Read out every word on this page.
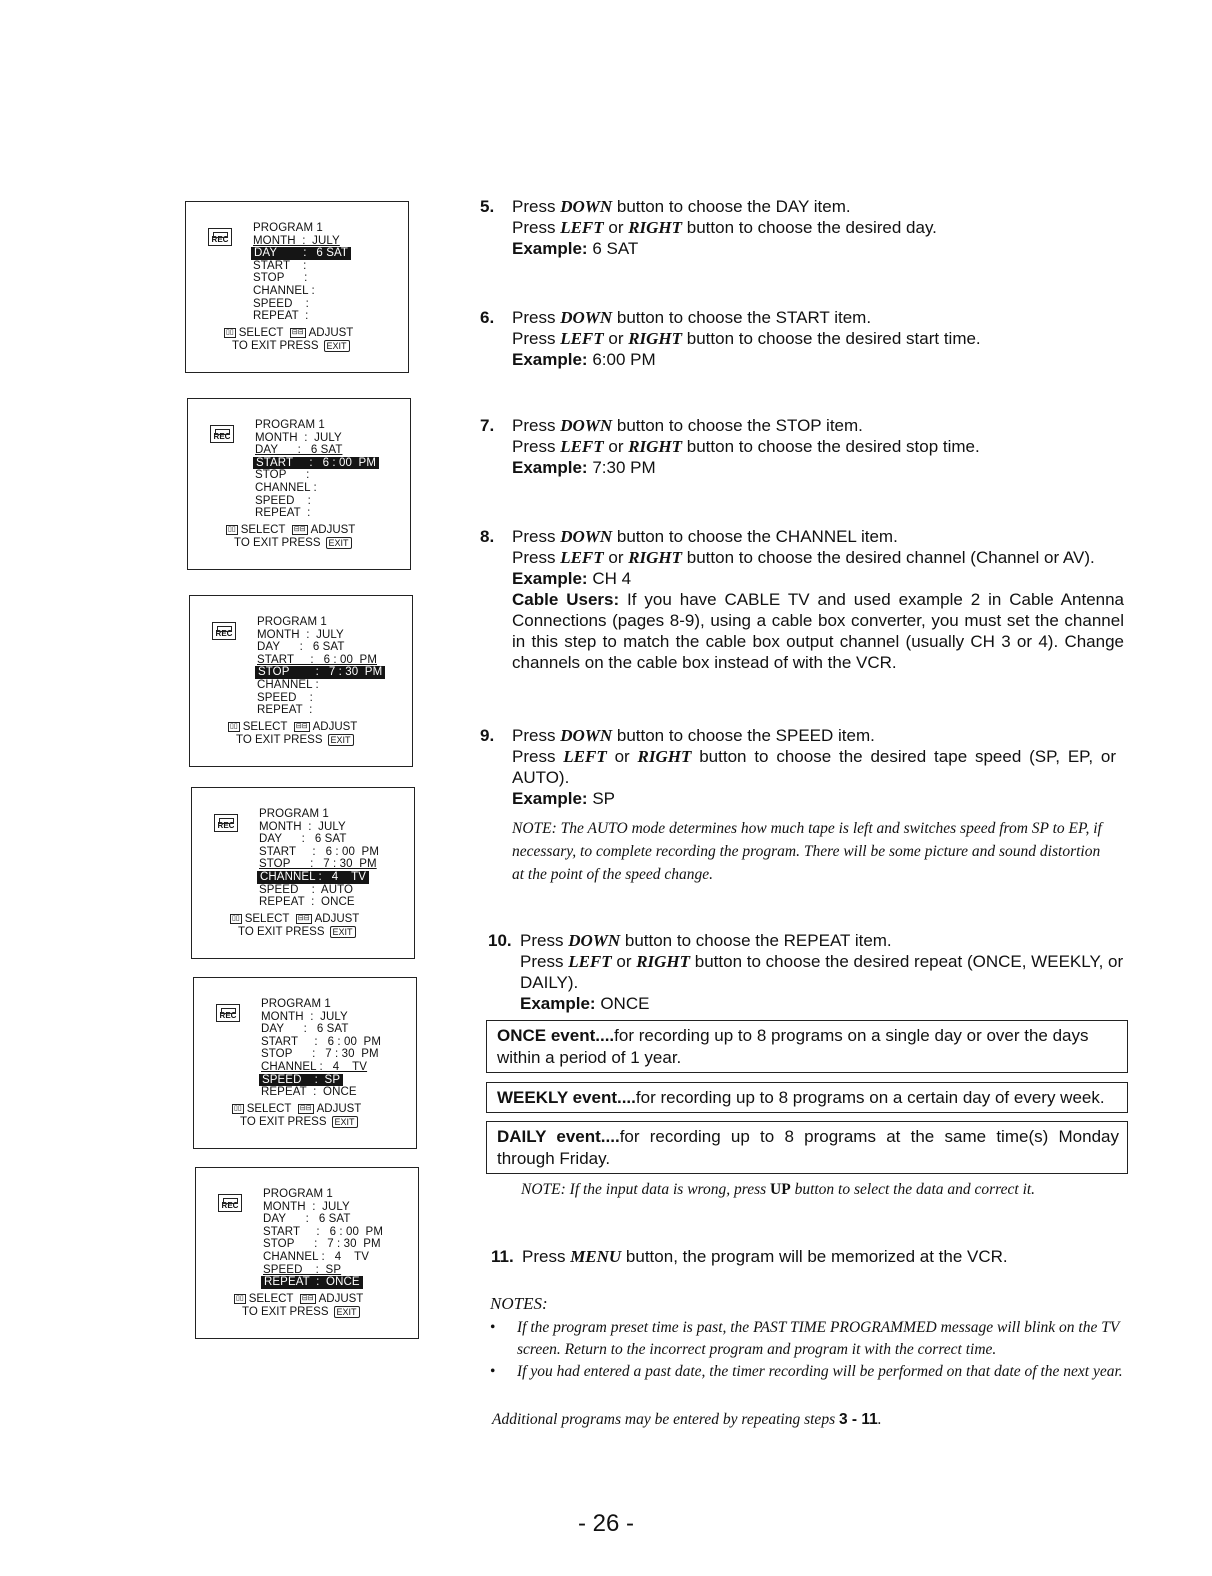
REC
PROGRAM 1
MONTH  :  JULY
DAY        :   6 SAT
START    :
STOP      :
CHANNEL :
SPEED    :
REPEAT  :
▯▯ SELECT ⊟⊟ ADJUST
TO EXIT PRESS EXIT
REC
PROGRAM 1
MONTH  :  JULY
DAY      :   6 SAT
START     :   6 : 00  PM
STOP      :
CHANNEL :
SPEED    :
REPEAT  :
▯▯ SELECT ⊟⊟ ADJUST
TO EXIT PRESS EXIT
REC
PROGRAM 1
MONTH  :  JULY
DAY      :   6 SAT
START     :   6 : 00  PM
STOP        :   7 : 30  PM
CHANNEL :
SPEED    :
REPEAT  :
▯▯ SELECT ⊟⊟ ADJUST
TO EXIT PRESS EXIT
REC
PROGRAM 1
MONTH  :  JULY
DAY      :   6 SAT
START     :   6 : 00  PM
STOP      :   7 : 30  PM
CHANNEL :   4    TV
SPEED    :  AUTO
REPEAT  :  ONCE
▯▯ SELECT ⊟⊟ ADJUST
TO EXIT PRESS EXIT
REC
PROGRAM 1
MONTH  :  JULY
DAY      :   6 SAT
START     :   6 : 00  PM
STOP      :   7 : 30  PM
CHANNEL :   4    TV
SPEED    :  SP
REPEAT  :  ONCE
▯▯ SELECT ⊟⊟ ADJUST
TO EXIT PRESS EXIT
REC
PROGRAM 1
MONTH  :  JULY
DAY      :   6 SAT
START     :   6 : 00  PM
STOP      :   7 : 30  PM
CHANNEL :   4    TV
SPEED    :  SP
REPEAT  :  ONCE
▯▯ SELECT ⊟⊟ ADJUST
TO EXIT PRESS EXIT
5. Press DOWN button to choose the DAY item.
Press LEFT or RIGHT button to choose the desired day.
Example: 6 SAT
6. Press DOWN button to choose the START item.
Press LEFT or RIGHT button to choose the desired start time.
Example: 6:00 PM
7. Press DOWN button to choose the STOP item.
Press LEFT or RIGHT button to choose the desired stop time.
Example: 7:30 PM
8. Press DOWN button to choose the CHANNEL item.
Press LEFT or RIGHT button to choose the desired channel (Channel or AV).
Example: CH 4
Cable Users: If you have CABLE TV and used example 2 in Cable Antenna Connections (pages 8-9), using a cable box converter, you must set the channel in this step to match the cable box output channel (usually CH 3 or 4). Change channels on the cable box instead of with the VCR.
9. Press DOWN button to choose the SPEED item.
Press LEFT or RIGHT button to choose the desired tape speed (SP, EP, or AUTO).
Example: SP
NOTE: The AUTO mode determines how much tape is left and switches speed from SP to EP, if necessary, to complete recording the program. There will be some picture and sound distortion at the point of the speed change.
10. Press DOWN button to choose the REPEAT item.
Press LEFT or RIGHT button to choose the desired repeat (ONCE, WEEKLY, or DAILY).
Example: ONCE
ONCE event....for recording up to 8 programs on a single day or over the days within a period of 1 year.
WEEKLY event....for recording up to 8 programs on a certain day of every week.
DAILY event....for recording up to 8 programs at the same time(s) Monday through Friday.
NOTE: If the input data is wrong, press UP button to select the data and correct it.
11. Press MENU button, the program will be memorized at the VCR.
NOTES:
• If the program preset time is past, the PAST TIME PROGRAMMED message will blink on the TV screen. Return to the incorrect program and program it with the correct time.
• If you had entered a past date, the timer recording will be performed on that date of the next year.
Additional programs may be entered by repeating steps 3 - 11.
- 26 -
